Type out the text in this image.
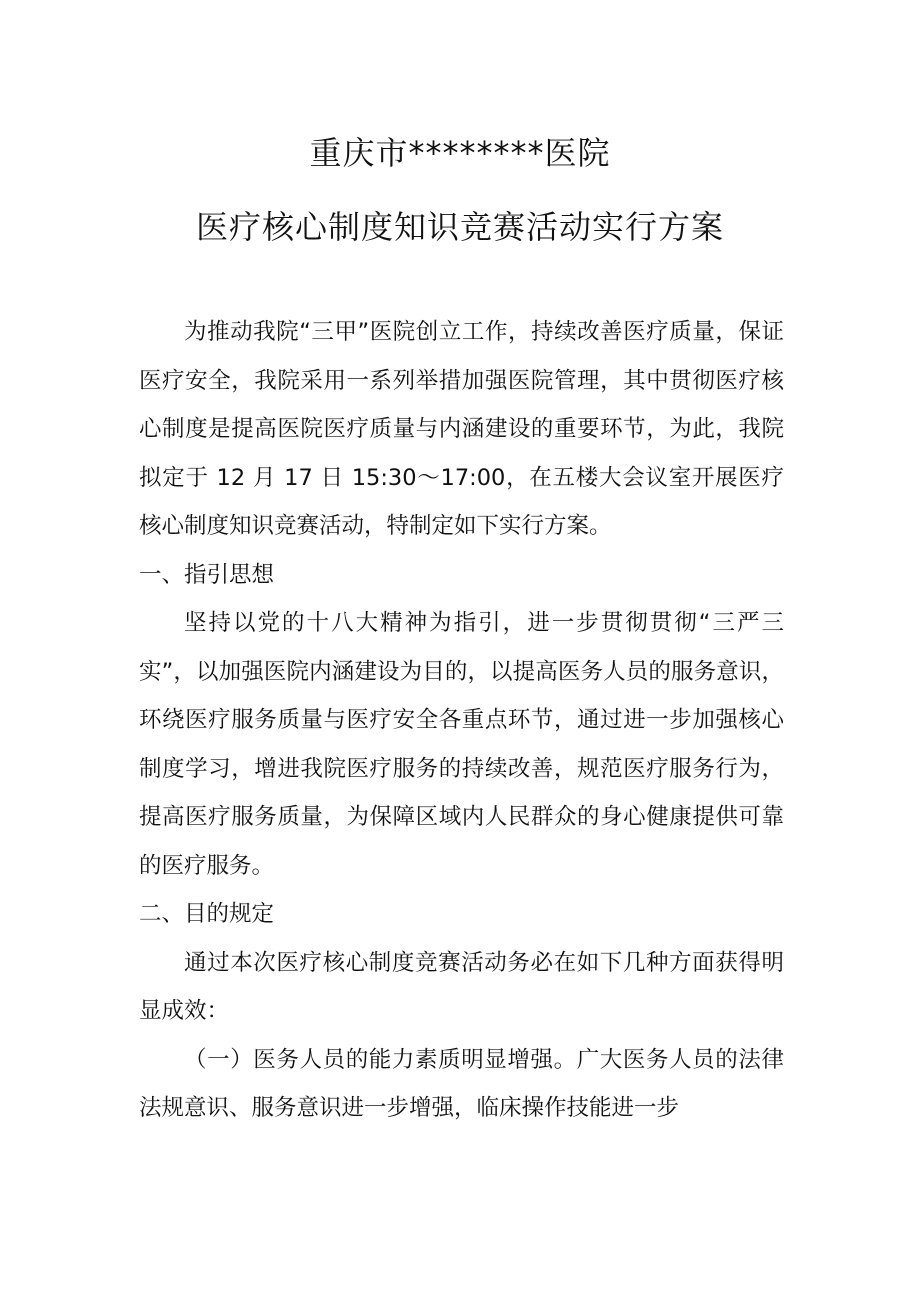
重庆市********医院
医疗核心制度知识竞赛活动实行方案

为推动我院“三甲”医院创立工作，持续改善医疗质量，保证医疗安全，我院采用一系列举措加强医院管理，其中贯彻医疗核心制度是提高医院医疗质量与内涵建设的重要环节，为此，我院拟定于 12 月 17 日 15:30～17:00，在五楼大会议室开展医疗核心制度知识竞赛活动，特制定如下实行方案。

一、指引思想

坚持以党的十八大精神为指引，进一步贯彻贯彻“三严三实”，以加强医院内涵建设为目的，以提高医务人员的服务意识，环绕医疗服务质量与医疗安全各重点环节，通过进一步加强核心制度学习，增进我院医疗服务的持续改善，规范医疗服务行为，提高医疗服务质量，为保障区域内人民群众的身心健康提供可靠的医疗服务。

二、目的规定

通过本次医疗核心制度竞赛活动务必在如下几种方面获得明显成效：

（一）医务人员的能力素质明显增强。广大医务人员的法律法规意识、服务意识进一步增强，临床操作技能进一步
